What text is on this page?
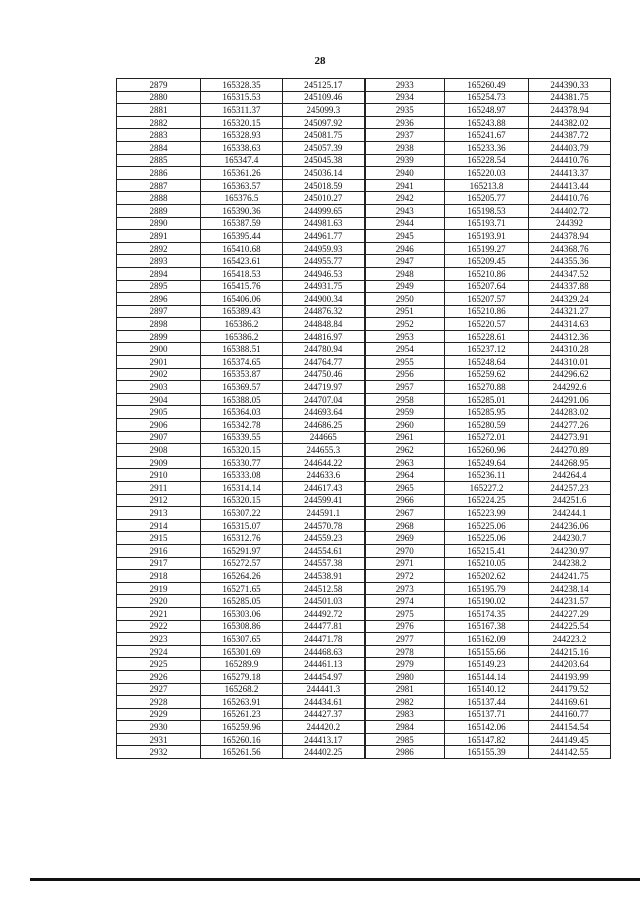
28
2879	165328.35	245125.17	2933	165260.49	244390.33
2880	165315.53	245109.46	2934	165254.73	244381.75
2881	165311.37	245099.3	2935	165248.97	244378.94
2882	165320.15	245097.92	2936	165243.88	244382.02
2883	165328.93	245081.75	2937	165241.67	244387.72
2884	165338.63	245057.39	2938	165233.36	244403.79
2885	165347.4	245045.38	2939	165228.54	244410.76
2886	165361.26	245036.14	2940	165220.03	244413.37
2887	165363.57	245018.59	2941	165213.8	244413.44
2888	165376.5	245010.27	2942	165205.77	244410.76
2889	165390.36	244999.65	2943	165198.53	244402.72
2890	165387.59	244981.63	2944	165193.71	244392
2891	165395.44	244961.77	2945	165193.91	244378.94
2892	165410.68	244959.93	2946	165199.27	244368.76
2893	165423.61	244955.77	2947	165209.45	244355.36
2894	165418.53	244946.53	2948	165210.86	244347.52
2895	165415.76	244931.75	2949	165207.64	244337.88
2896	165406.06	244900.34	2950	165207.57	244329.24
2897	165389.43	244876.32	2951	165210.86	244321.27
2898	165386.2	244848.84	2952	165220.57	244314.63
2899	165386.2	244816.97	2953	165228.61	244312.36
2900	165388.51	244780.94	2954	165237.12	244310.28
2901	165374.65	244764.77	2955	165248.64	244310.01
2902	165353.87	244750.46	2956	165259.62	244296.62
2903	165369.57	244719.97	2957	165270.88	244292.6
2904	165388.05	244707.04	2958	165285.01	244291.06
2905	165364.03	244693.64	2959	165285.95	244283.02
2906	165342.78	244686.25	2960	165280.59	244277.26
2907	165339.55	244665	2961	165272.01	244273.91
2908	165320.15	244655.3	2962	165260.96	244270.89
2909	165330.77	244644.22	2963	165249.64	244268.95
2910	165333.08	244633.6	2964	165236.11	244264.4
2911	165314.14	244617.43	2965	165227.2	244257.23
2912	165320.15	244599.41	2966	165224.25	244251.6
2913	165307.22	244591.1	2967	165223.99	244244.1
2914	165315.07	244570.78	2968	165225.06	244236.06
2915	165312.76	244559.23	2969	165225.06	244230.7
2916	165291.97	244554.61	2970	165215.41	244230.97
2917	165272.57	244557.38	2971	165210.05	244238.2
2918	165264.26	244538.91	2972	165202.62	244241.75
2919	165271.65	244512.58	2973	165195.79	244238.14
2920	165285.05	244501.03	2974	165190.02	244231.57
2921	165303.06	244492.72	2975	165174.35	244227.29
2922	165308.86	244477.81	2976	165167.38	244225.54
2923	165307.65	244471.78	2977	165162.09	244223.2
2924	165301.69	244468.63	2978	165155.66	244215.16
2925	165289.9	244461.13	2979	165149.23	244203.64
2926	165279.18	244454.97	2980	165144.14	244193.99
2927	165268.2	244441.3	2981	165140.12	244179.52
2928	165263.91	244434.61	2982	165137.44	244169.61
2929	165261.23	244427.37	2983	165137.71	244160.77
2930	165259.96	244420.2	2984	165142.06	244154.54
2931	165260.16	244413.17	2985	165147.82	244149.45
2932	165261.56	244402.25	2986	165155.39	244142.55
